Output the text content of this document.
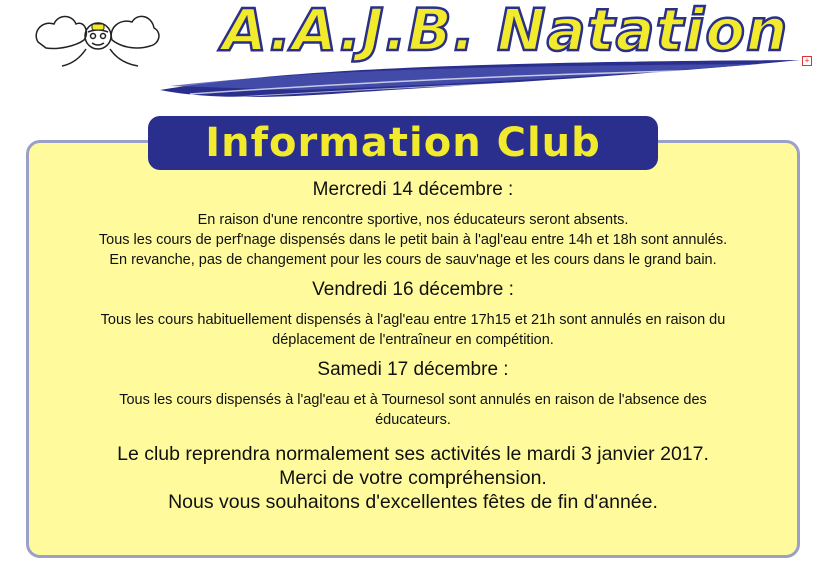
A.A.J.B. Natation	+
Information Club
Mercredi 14 décembre :

En raison d'une rencontre sportive, nos éducateurs seront absents.

Tous les cours de perf'nage dispensés dans le petit bain à l'agl'eau entre 14h et 18h sont annulés.

En revanche, pas de changement pour les cours de sauv'nage et les cours dans le grand bain.

Vendredi 16 décembre :

Tous les cours habituellement dispensés à l'agl'eau entre 17h15 et 21h sont annulés en raison du

déplacement de l'entraîneur en compétition.

Samedi 17 décembre :

Tous les cours dispensés à l'agl'eau et à Tournesol sont annulés en raison de l'absence des

éducateurs.

Le club reprendra normalement ses activités le mardi 3 janvier 2017.
Merci de votre compréhension.
Nous vous souhaitons d'excellentes fêtes de fin d'année.
